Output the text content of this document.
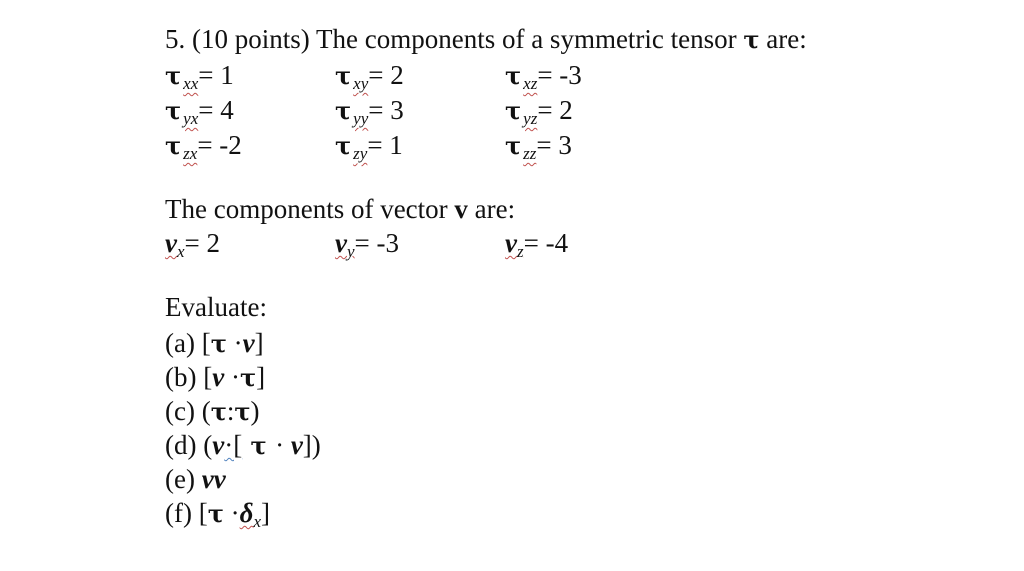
5. (10 points) The components of a symmetric tensor τ are:
τ xx= 1	τ xy= 2	τ xz= -3
τ yx= 4	τ yy= 3	τ yz= 2
τ zx= -2	τ zy= 1	τ zz= 3
The components of vector v are:
vx= 2	vy= -3	vz= -4
Evaluate:
(a) [τ ·v]
(b) [v ·τ]
(c) (τ:τ)
(d) (v·[ τ · v])
(e) vv
(f) [τ ·δx]
